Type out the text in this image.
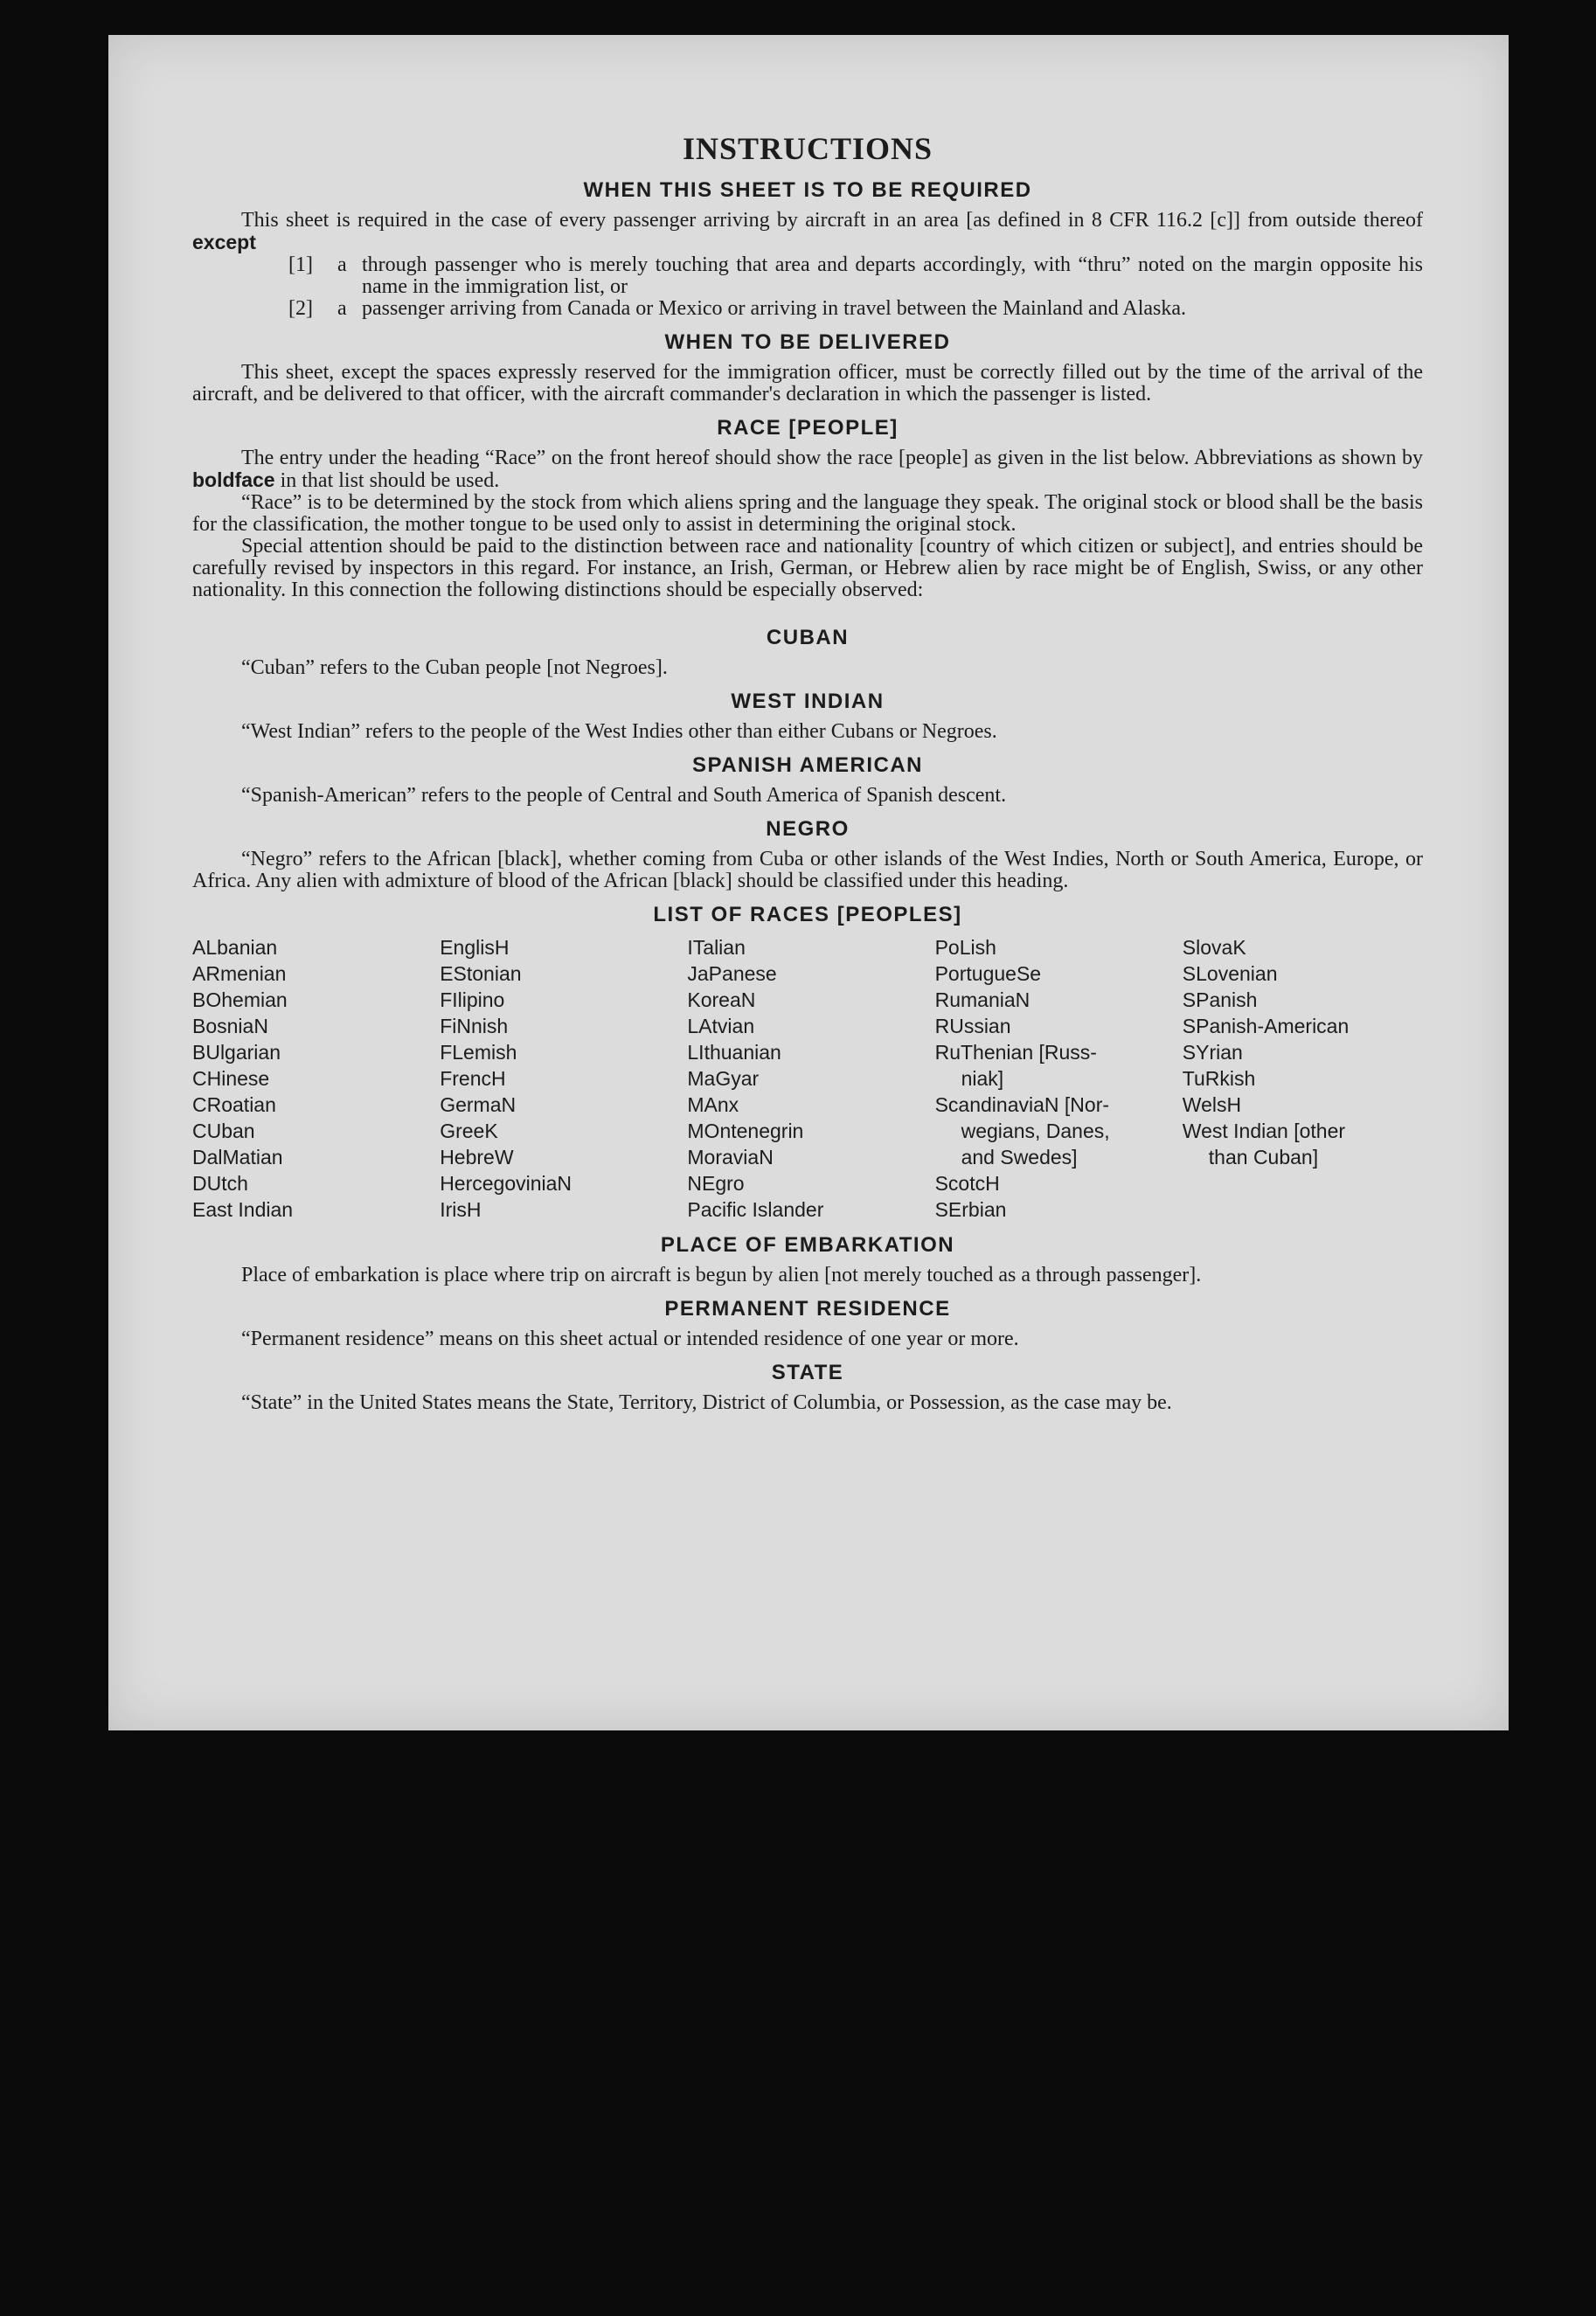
INSTRUCTIONS
WHEN THIS SHEET IS TO BE REQUIRED

This sheet is required in the case of every passenger arriving by aircraft in an area [as defined in 8 CFR 116.2 [c]] from outside thereof except

[1]	a through passenger who is merely touching that area and departs accordingly, with “thru” noted on the margin opposite his name in the immigration list, or
[2]	a passenger arriving from Canada or Mexico or arriving in travel between the Mainland and Alaska.
WHEN TO BE DELIVERED

This sheet, except the spaces expressly reserved for the immigration officer, must be correctly filled out by the time of the arrival of the aircraft, and be delivered to that officer, with the aircraft commander's declaration in which the passenger is listed.

RACE [PEOPLE]

The entry under the heading “Race” on the front hereof should show the race [people] as given in the list below. Abbreviations as shown by boldface in that list should be used.

“Race” is to be determined by the stock from which aliens spring and the language they speak. The original stock or blood shall be the basis for the classification, the mother tongue to be used only to assist in determining the original stock.

Special attention should be paid to the distinction between race and nationality [country of which citizen or subject], and entries should be carefully revised by inspectors in this regard. For instance, an Irish, German, or Hebrew alien by race might be of English, Swiss, or any other nationality. In this connection the following distinctions should be especially observed:

CUBAN

“Cuban” refers to the Cuban people [not Negroes].

WEST INDIAN

“West Indian” refers to the people of the West Indies other than either Cubans or Negroes.

SPANISH AMERICAN

“Spanish-American” refers to the people of Central and South America of Spanish descent.

NEGRO

“Negro” refers to the African [black], whether coming from Cuba or other islands of the West Indies, North or South America, Europe, or Africa. Any alien with admixture of blood of the African [black] should be classified under this heading.

LIST OF RACES [PEOPLES]
ALbanian
ARmenian
BOhemian
BosniaN
BUlgarian
CHinese
CRoatian
CUban
DalMatian
DUtch
East Indian
EnglisH
EStonian
FIlipino
FiNnish
FLemish
FrencH
GermaN
GreeK
HebreW
HercegoviniaN
IrisH
ITalian
JaPanese
KoreaN
LAtvian
LIthuanian
MaGyar
MAnx
MOntenegrin
MoraviaN
NEgro
Pacific Islander
PoLish
PortugueSe
RumaniaN
RUssian
RuThenian [Russ-
niak]
ScandinaviaN [Nor-
wegians, Danes,
and Swedes]
ScotcH
SErbian
SlovaK
SLovenian
SPanish
SPanish-American
SYrian
TuRkish
WelsH
West Indian [other
than Cuban]
PLACE OF EMBARKATION

Place of embarkation is place where trip on aircraft is begun by alien [not merely touched as a through passenger].

PERMANENT RESIDENCE

“Permanent residence” means on this sheet actual or intended residence of one year or more.

STATE

“State” in the United States means the State, Territory, District of Columbia, or Possession, as the case may be.
